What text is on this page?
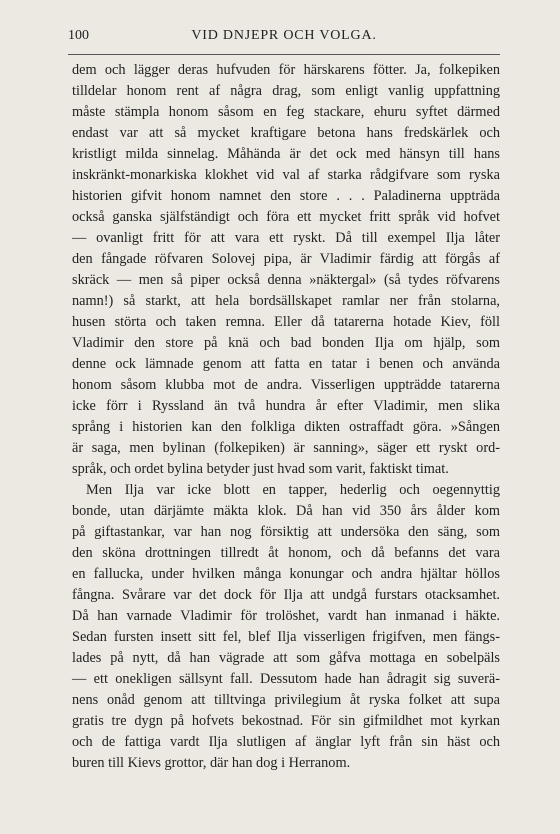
100	VID DNJEPR OCH VOLGA.
dem och lägger deras hufvuden för härskarens fötter. Ja, folkepiken
tilldelar honom rent af några drag, som enligt vanlig uppfattning
måste stämpla honom såsom en feg stackare, ehuru syftet därmed
endast var att så mycket kraftigare betona hans fredskärlek och
kristligt milda sinnelag. Måhända är det ock med hänsyn till hans
inskränkt-monarkiska klokhet vid val af starka rådgifvare som ryska
historien gifvit honom namnet den store . . . Paladinerna uppträda
också ganska själfständigt och föra ett mycket fritt språk vid hofvet
— ovanligt fritt för att vara ett ryskt. Då till exempel Ilja låter
den fångade röfvaren Solovej pipa, är Vladimir färdig att förgås af
skräck — men så piper också denna »näktergal» (så tydes röfvarens
namn!) så starkt, att hela bordsällskapet ramlar ner från stolarna,
husen störta och taken remna. Eller då tatarerna hotade Kiev, föll
Vladimir den store på knä och bad bonden Ilja om hjälp, som
denne ock lämnade genom att fatta en tatar i benen och använda
honom såsom klubba mot de andra. Visserligen uppträdde tatarerna
icke förr i Ryssland än två hundra år efter Vladimir, men slika
språng i historien kan den folkliga dikten ostraffadt göra. »Sången
är saga, men bylinan (folkepiken) är sanning», säger ett ryskt ord-
språk, och ordet bylina betyder just hvad som varit, faktiskt timat.
Men Ilja var icke blott en tapper, hederlig och oegennyttig
bonde, utan därjämte mäkta klok. Då han vid 350 års ålder kom
på giftastankar, var han nog försiktig att undersöka den säng, som
den sköna drottningen tillredt åt honom, och då befanns det vara
en fallucka, under hvilken många konungar och andra hjältar höllos
fångna. Svårare var det dock för Ilja att undgå furstars otacksamhet.
Då han varnade Vladimir för trolöshet, vardt han inmanad i häkte.
Sedan fursten insett sitt fel, blef Ilja visserligen frigifven, men fängs-
lades på nytt, då han vägrade att som gåfva mottaga en sobelpäls
— ett onekligen sällsynt fall. Dessutom hade han ådragit sig suverä-
nens onåd genom att tilltvinga privilegium åt ryska folket att supa
gratis tre dygn på hofvets bekostnad. För sin gifmildhet mot kyrkan
och de fattiga vardt Ilja slutligen af änglar lyft från sin häst och
buren till Kievs grottor, där han dog i Herranom.
